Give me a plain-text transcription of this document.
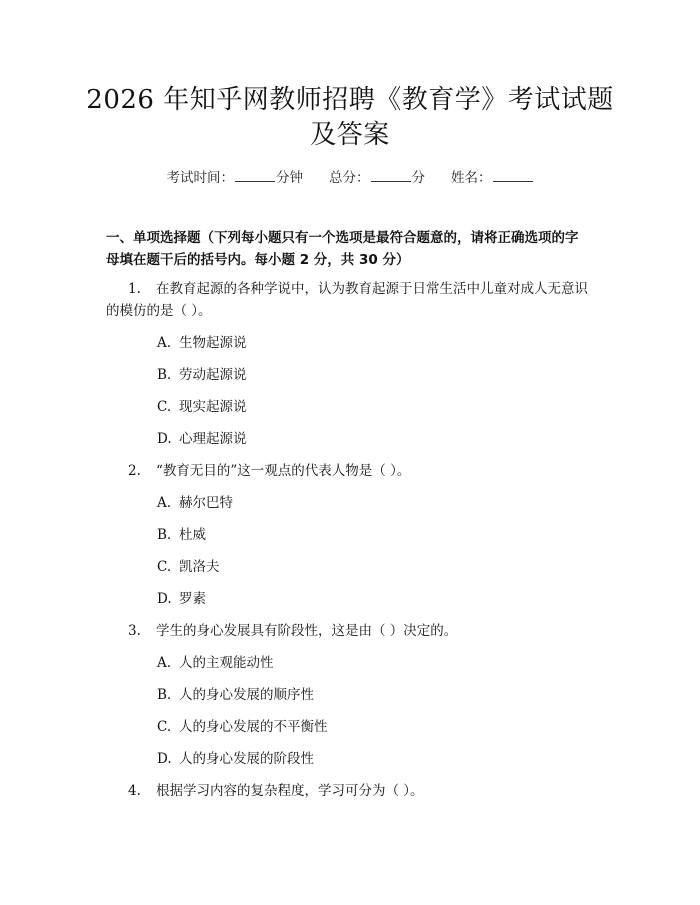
2026 年知乎网教师招聘《教育学》考试试题
及答案
考试时间：	分钟 总分：	分 姓名：
一、单项选择题（下列每小题只有一个选项是最符合题意的，请将正确选项的字
母填在题干后的括号内。每小题 2 分，共 30 分）
1. 在教育起源的各种学说中，认为教育起源于日常生活中儿童对成人无意识
的模仿的是（ ）。
A. 生物起源说
B. 劳动起源说
C. 现实起源说
D. 心理起源说
2. “教育无目的”这一观点的代表人物是（ ）。
A. 赫尔巴特
B. 杜威
C. 凯洛夫
D. 罗素
3. 学生的身心发展具有阶段性，这是由（ ）决定的。
A. 人的主观能动性
B. 人的身心发展的顺序性
C. 人的身心发展的不平衡性
D. 人的身心发展的阶段性
4. 根据学习内容的复杂程度，学习可分为（ ）。
